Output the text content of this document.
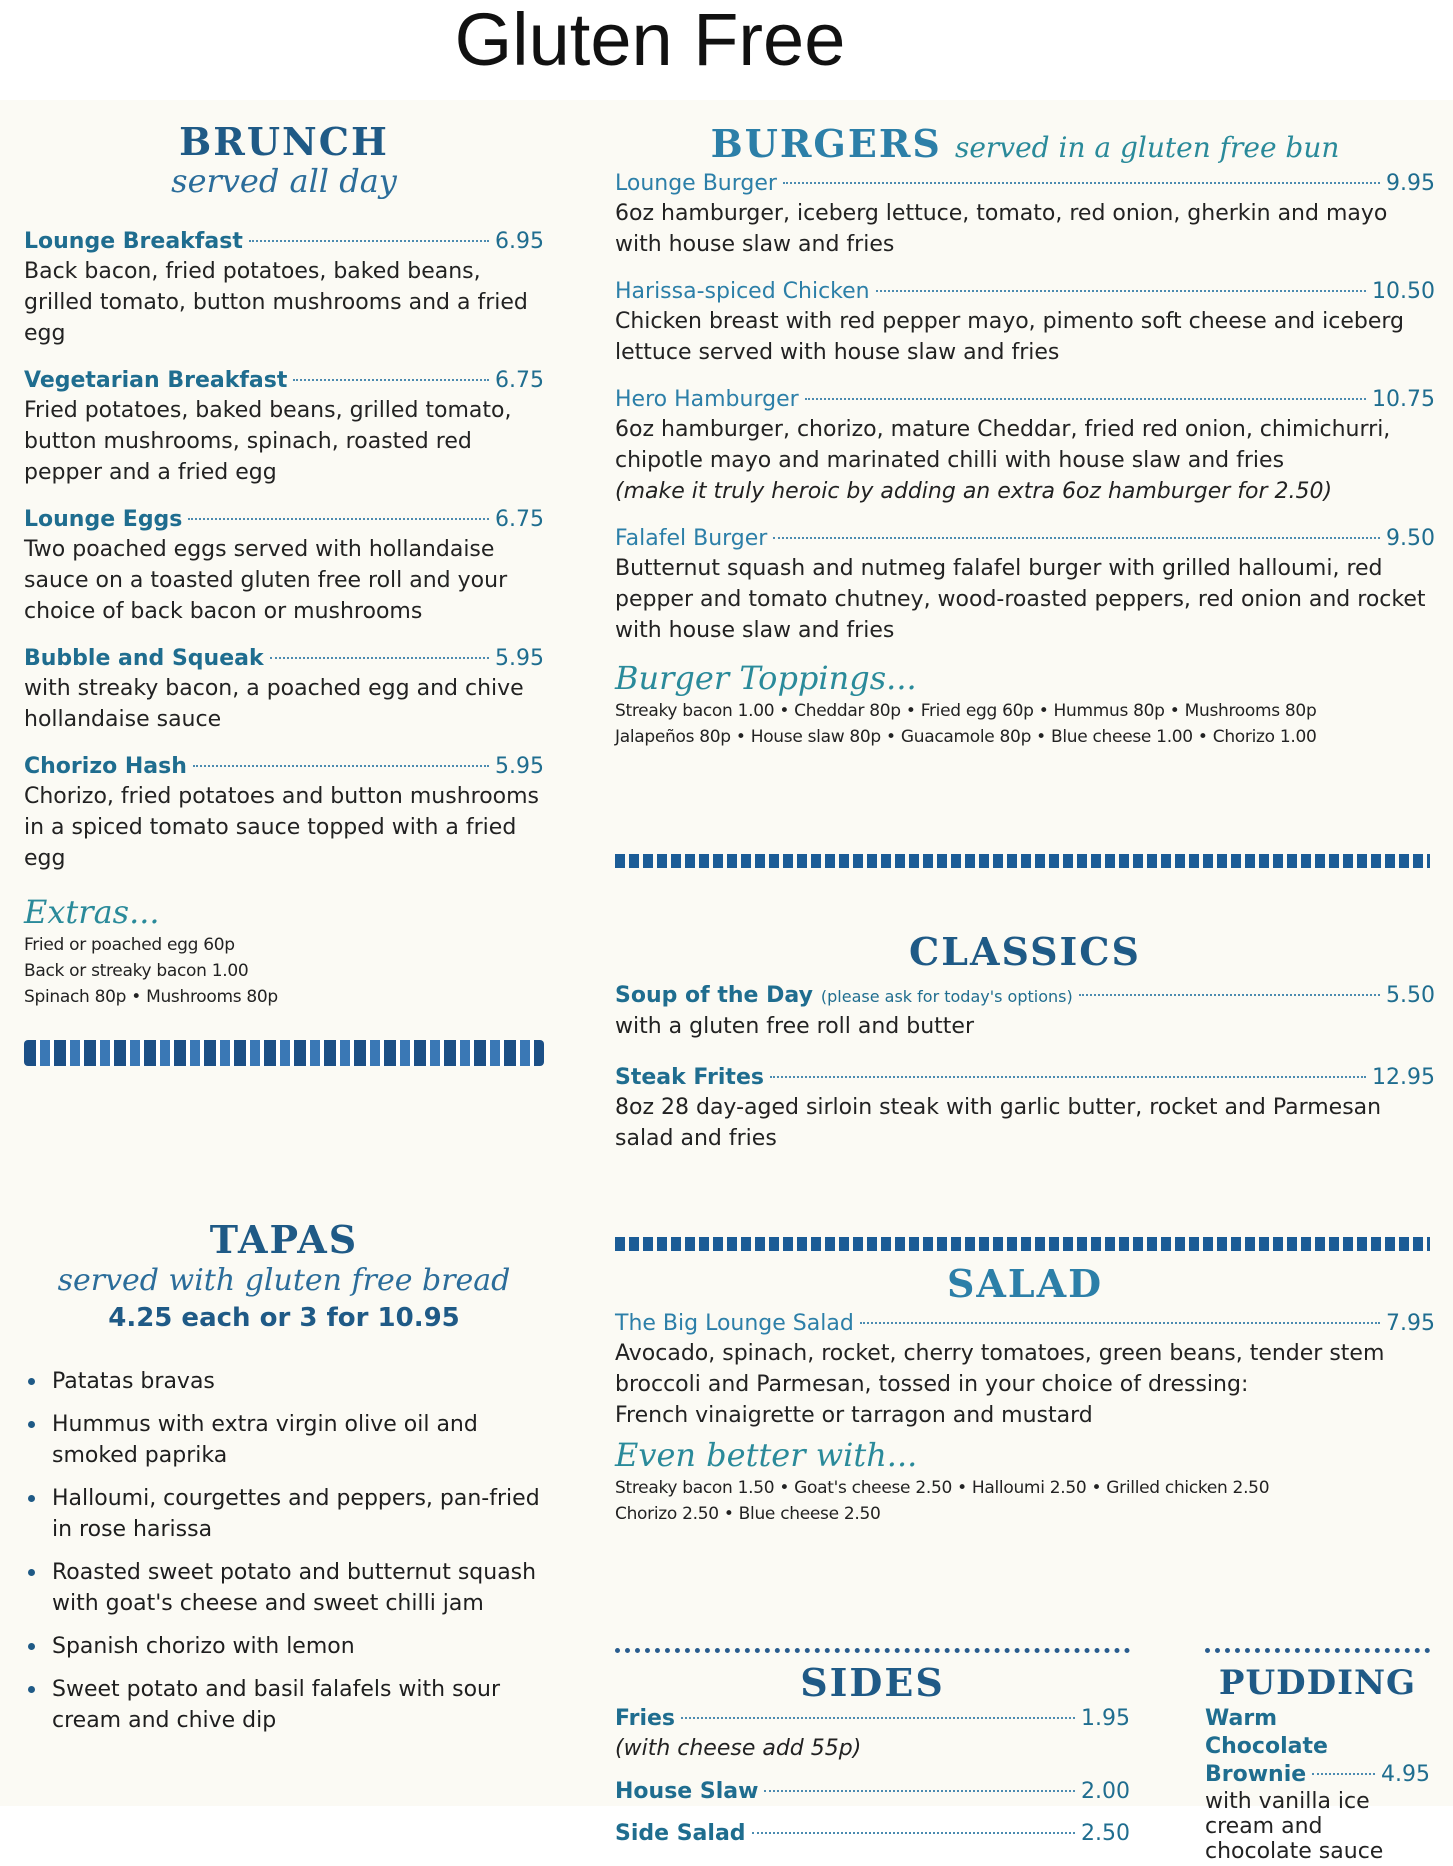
Gluten Free
BRUNCH
served all day
Lounge Breakfast	6.95
Back bacon, fried potatoes, baked beans, grilled tomato, button mushrooms and a fried egg
Vegetarian Breakfast	6.75
Fried potatoes, baked beans, grilled tomato, button mushrooms, spinach, roasted red pepper and a fried egg
Lounge Eggs	6.75
Two poached eggs served with hollandaise sauce on a toasted gluten free roll and your choice of back bacon or mushrooms
Bubble and Squeak	5.95
with streaky bacon, a poached egg and chive hollandaise sauce
Chorizo Hash	5.95
Chorizo, fried potatoes and button mushrooms in a spiced tomato sauce topped with a fried egg
Extras...
Fried or poached egg 60p
Back or streaky bacon 1.00
Spinach 80p • Mushrooms 80p
TAPAS
served with gluten free bread
4.25 each or 3 for 10.95
Patatas bravas
Hummus with extra virgin olive oil and smoked paprika
Halloumi, courgettes and peppers, pan-fried in rose harissa
Roasted sweet potato and butternut squash with goat's cheese and sweet chilli jam
Spanish chorizo with lemon
Sweet potato and basil falafels with sour cream and chive dip
BURGERS served in a gluten free bun
Lounge Burger	9.95
6oz hamburger, iceberg lettuce, tomato, red onion, gherkin and mayo with house slaw and fries
Harissa-spiced Chicken	10.50
Chicken breast with red pepper mayo, pimento soft cheese and iceberg lettuce served with house slaw and fries
Hero Hamburger	10.75
6oz hamburger, chorizo, mature Cheddar, fried red onion, chimichurri, chipotle mayo and marinated chilli with house slaw and fries
(make it truly heroic by adding an extra 6oz hamburger for 2.50)
Falafel Burger	9.50
Butternut squash and nutmeg falafel burger with grilled halloumi, red pepper and tomato chutney, wood-roasted peppers, red onion and rocket with house slaw and fries
Burger Toppings...
Streaky bacon 1.00 • Cheddar 80p • Fried egg 60p • Hummus 80p • Mushrooms 80p
Jalapeños 80p • House slaw 80p • Guacamole 80p • Blue cheese 1.00 • Chorizo 1.00
CLASSICS
Soup of the Day (please ask for today's options)	5.50
with a gluten free roll and butter
Steak Frites	12.95
8oz 28 day-aged sirloin steak with garlic butter, rocket and Parmesan salad and fries
SALAD
The Big Lounge Salad	7.95
Avocado, spinach, rocket, cherry tomatoes, green beans, tender stem broccoli and Parmesan, tossed in your choice of dressing:
French vinaigrette or tarragon and mustard
Even better with...
Streaky bacon 1.50 • Goat's cheese 2.50 • Halloumi 2.50 • Grilled chicken 2.50
Chorizo 2.50 • Blue cheese 2.50
SIDES
Fries	1.95
(with cheese add 55p)
House Slaw	2.00
Side Salad	2.50
PUDDING
Warm
Chocolate
Brownie	4.95
with vanilla ice cream and chocolate sauce
